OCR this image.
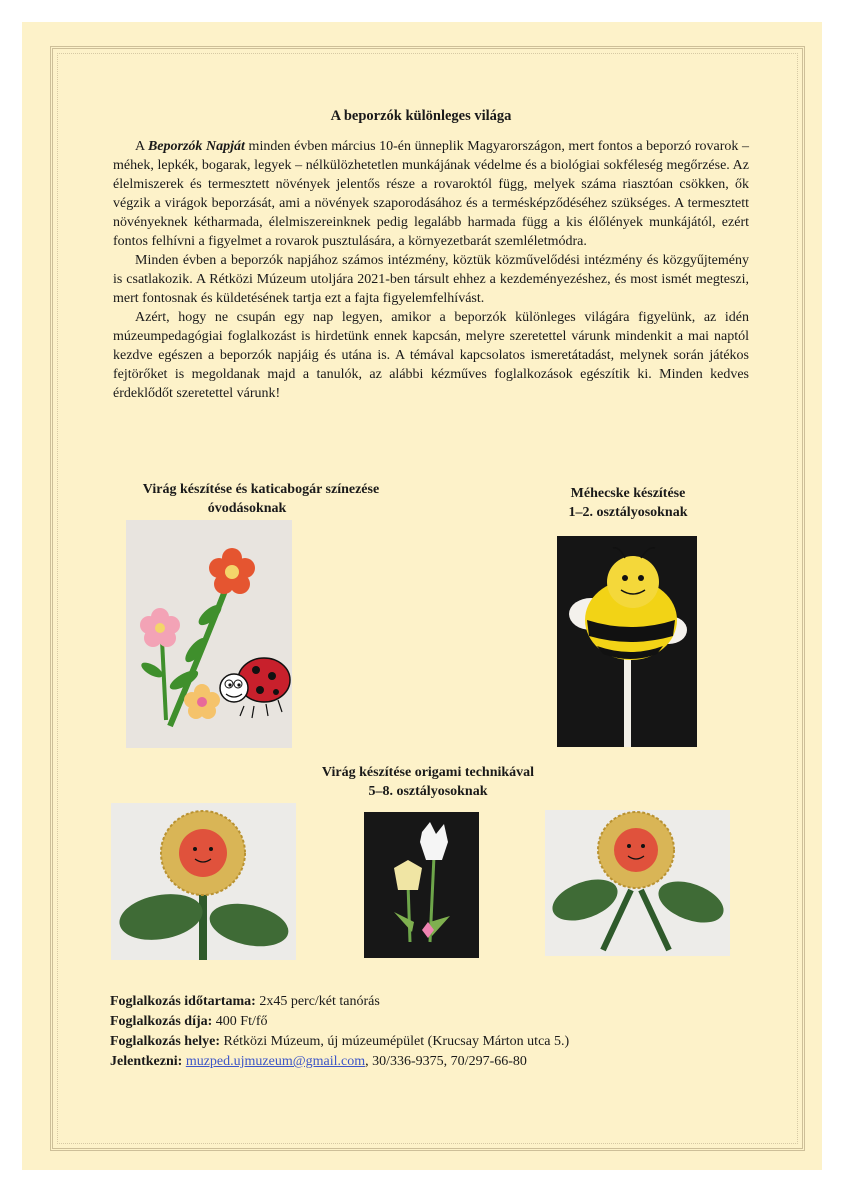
A beporzók különleges világa

A Beporzók Napját minden évben március 10-én ünneplik Magyarországon, mert fontos a beporzó rovarok – méhek, lepkék, bogarak, legyek – nélkülözhetetlen munkájának védelme és a biológiai sokféleség megőrzése. Az élelmiszerek és termesztett növények jelentős része a rovaroktól függ, melyek száma riasztóan csökken, ők végzik a virágok beporzását, ami a növények szaporodásához és a termésképződéséhez szükséges. A termesztett növényeknek kétharmada, élelmiszereinknek pedig legalább harmada függ a kis élőlények munkájától, ezért fontos felhívni a figyelmet a rovarok pusztulására, a környezetbarát szemléletmódra.

Minden évben a beporzók napjához számos intézmény, köztük közművelődési intézmény és közgyűjtemény is csatlakozik. A Rétközi Múzeum utoljára 2021-ben társult ehhez a kezdeményezéshez, és most ismét megteszi, mert fontosnak és küldetésének tartja ezt a fajta figyelemfelhívást.

Azért, hogy ne csupán egy nap legyen, amikor a beporzók különleges világára figyelünk, az idén múzeumpedagógiai foglalkozást is hirdetünk ennek kapcsán, melyre szeretettel várunk mindenkit a mai naptól kezdve egészen a beporzók napjáig és utána is. A témával kapcsolatos ismeretátadást, melynek során játékos fejtörőket is megoldanak majd a tanulók, az alábbi kézműves foglalkozások egészítik ki. Minden kedves érdeklődőt szeretettel várunk!

Virág készítése és katicabogár színezése
óvodásoknak
Méhecske készítése
1–2. osztályosoknak
Virág készítése origami technikával
5–8. osztályosoknak
Foglalkozás időtartama: 2x45 perc/két tanórás
Foglalkozás díja: 400 Ft/fő
Foglalkozás helye: Rétközi Múzeum, új múzeumépület (Krucsay Márton utca 5.)
Jelentkezni: muzped.ujmuzeum@gmail.com, 30/336-9375, 70/297-66-80
